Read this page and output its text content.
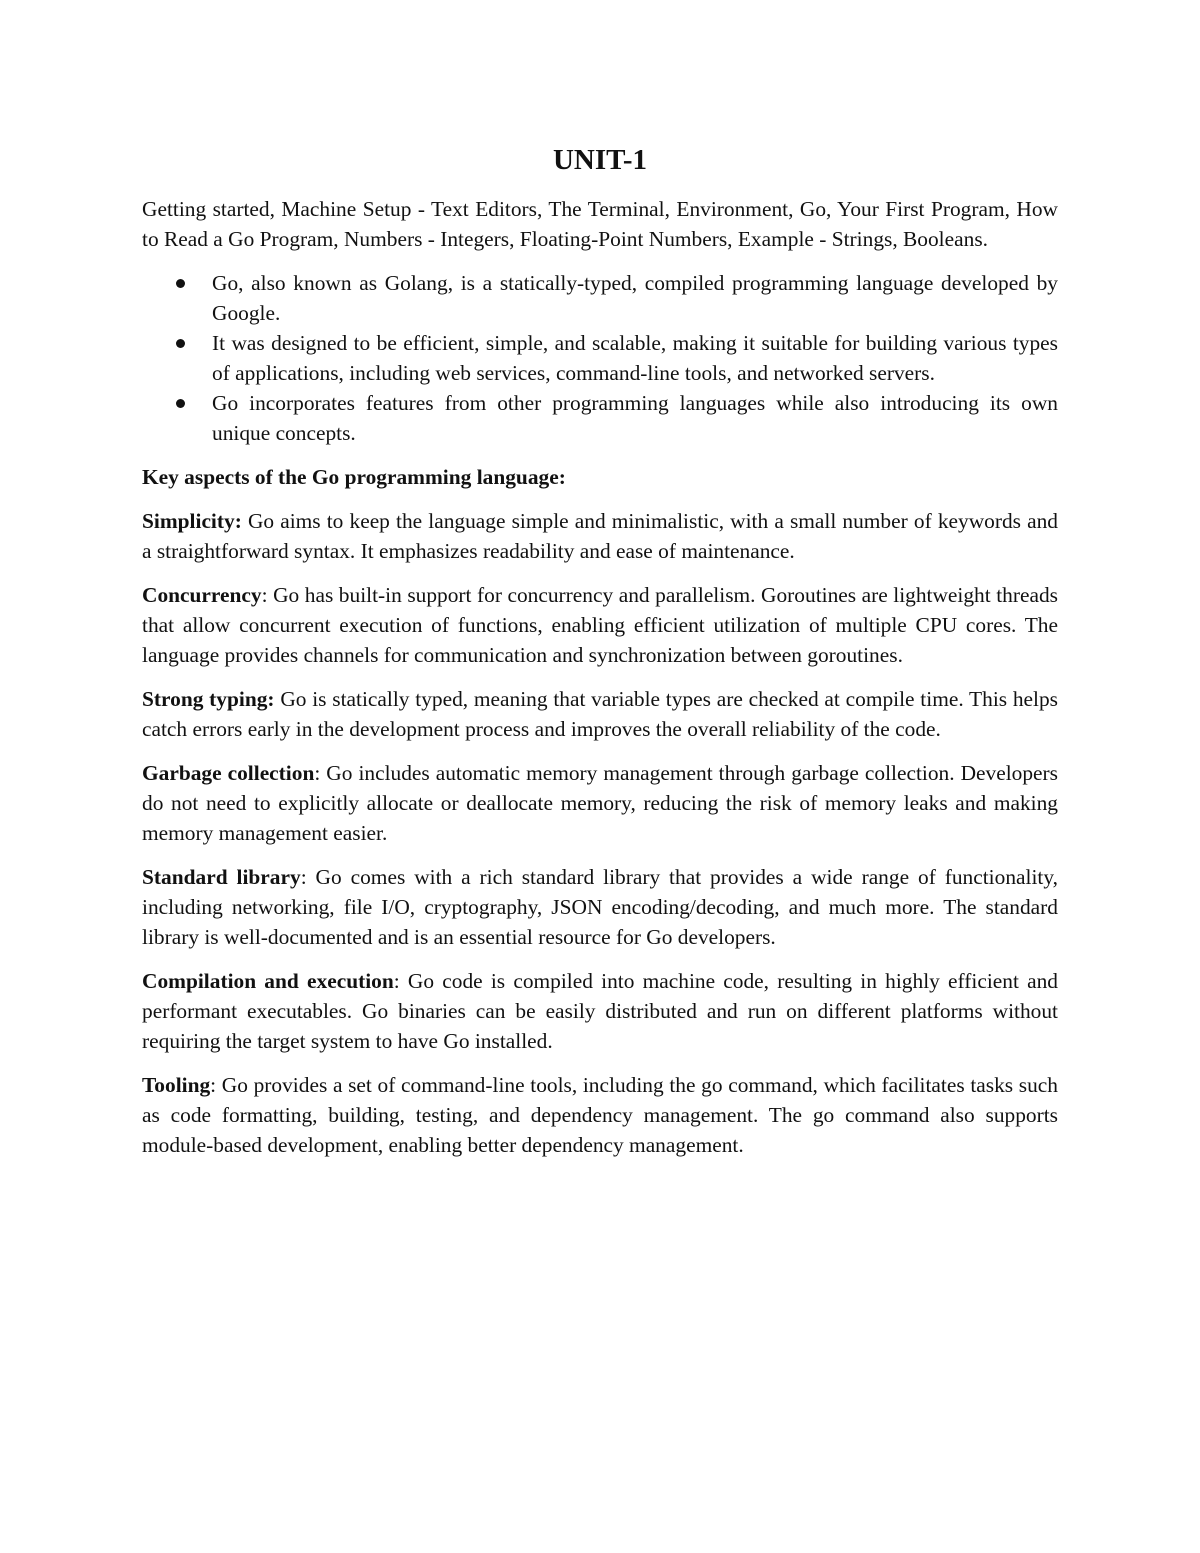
UNIT-1

Getting started, Machine Setup - Text Editors, The Terminal, Environment, Go, Your First Program, How to Read a Go Program, Numbers - Integers, Floating-Point Numbers, Example - Strings, Booleans.

Go, also known as Golang, is a statically-typed, compiled programming language developed by Google.
It was designed to be efficient, simple, and scalable, making it suitable for building various types of applications, including web services, command-line tools, and networked servers.
Go incorporates features from other programming languages while also introducing its own unique concepts.

Key aspects of the Go programming language:

Simplicity: Go aims to keep the language simple and minimalistic, with a small number of keywords and a straightforward syntax. It emphasizes readability and ease of maintenance.

Concurrency: Go has built-in support for concurrency and parallelism. Goroutines are lightweight threads that allow concurrent execution of functions, enabling efficient utilization of multiple CPU cores. The language provides channels for communication and synchronization between goroutines.

Strong typing: Go is statically typed, meaning that variable types are checked at compile time. This helps catch errors early in the development process and improves the overall reliability of the code.

Garbage collection: Go includes automatic memory management through garbage collection. Developers do not need to explicitly allocate or deallocate memory, reducing the risk of memory leaks and making memory management easier.

Standard library: Go comes with a rich standard library that provides a wide range of functionality, including networking, file I/O, cryptography, JSON encoding/decoding, and much more. The standard library is well-documented and is an essential resource for Go developers.

Compilation and execution: Go code is compiled into machine code, resulting in highly efficient and performant executables. Go binaries can be easily distributed and run on different platforms without requiring the target system to have Go installed.

Tooling: Go provides a set of command-line tools, including the go command, which facilitates tasks such as code formatting, building, testing, and dependency management. The go command also supports module-based development, enabling better dependency management.
